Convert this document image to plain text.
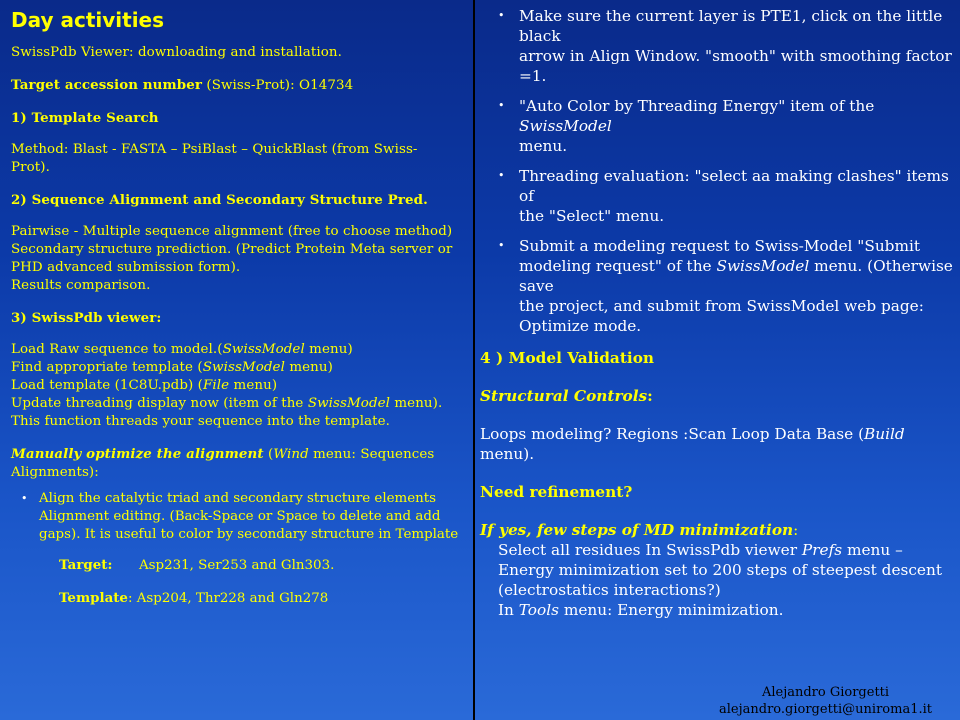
Day activities
SwissPdb Viewer: downloading and installation.
Target accession number (Swiss-Prot): O14734
1) Template Search
Method: Blast - FASTA – PsiBlast – QuickBlast (from Swiss-
Prot).
2) Sequence Alignment and Secondary Structure Pred.
Pairwise - Multiple sequence alignment (free to choose method)
Secondary structure prediction. (Predict Protein Meta server or
PHD advanced submission form).
Results comparison.
3) SwissPdb viewer:
Load Raw sequence to model.(SwissModel menu)
Find appropriate template (SwissModel menu)
Load template (1C8U.pdb) (File menu)
Update threading display now (item of the SwissModel menu).
This function threads your sequence into the template.
Manually optimize the alignment (Wind menu: Sequences
Alignments):
• Align the catalytic triad and secondary structure elements
Alignment editing. (Back-Space or Space to delete and add
gaps). It is useful to color by secondary structure in Template
Target: Asp231, Ser253 and Gln303.
Template: Asp204, Thr228 and Gln278
• Make sure the current layer is PTE1, click on the little black
arrow in Align Window. "smooth" with smoothing factor =1.
• "Auto Color by Threading Energy" item of the SwissModel
menu.
• Threading evaluation: "select aa making clashes" items of
the "Select" menu.
• Submit a modeling request to Swiss-Model "Submit
modeling request" of the SwissModel menu. (Otherwise save
the project, and submit from SwissModel web page:
Optimize mode.
4 ) Model Validation
Structural Controls:
Loops modeling? Regions :Scan Loop Data Base (Build menu).
Need refinement?
If yes, few steps of MD minimization:
Select all residues In SwissPdb viewer Prefs menu –
Energy minimization set to 200 steps of steepest descent
(electrostatics interactions?)
In Tools menu: Energy minimization.
Alejandro Giorgetti
alejandro.giorgetti@uniroma1.it
